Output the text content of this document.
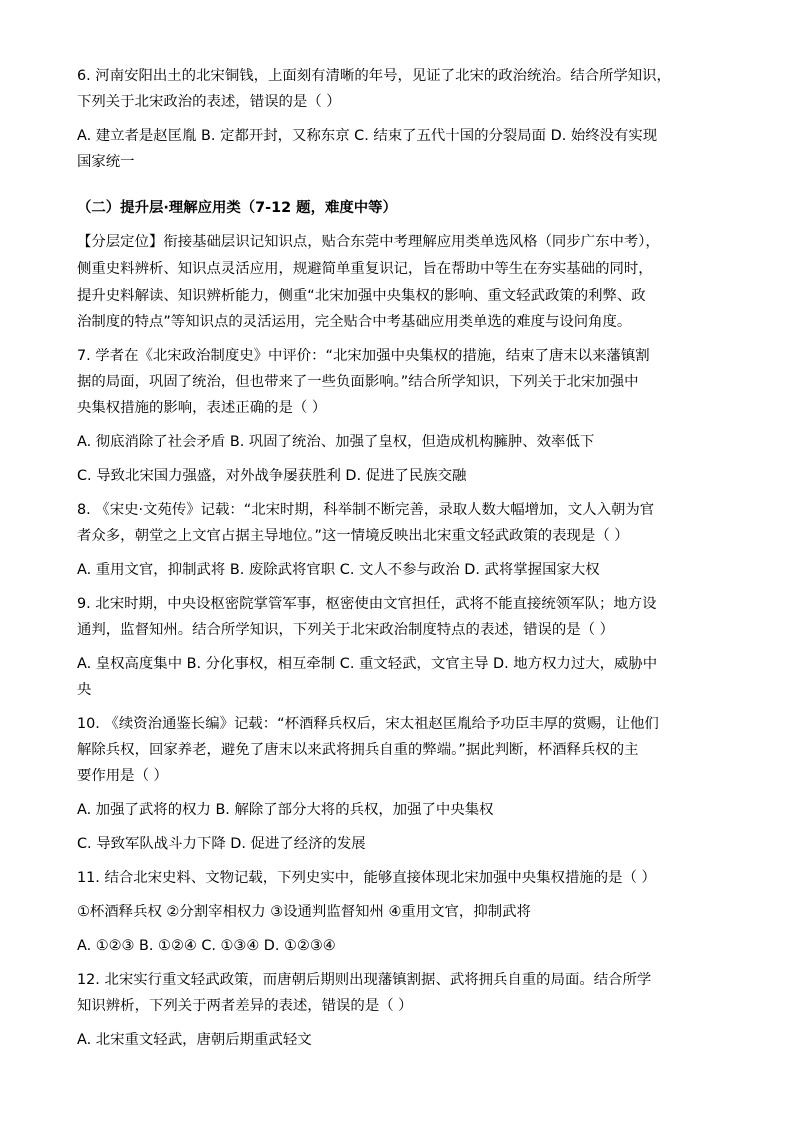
6. 河南安阳出土的北宋铜钱，上面刻有清晰的年号，见证了北宋的政治统治。结合所学知识，
下列关于北宋政治的表述，错误的是（ ）
A. 建立者是赵匡胤 B. 定都开封，又称东京 C. 结束了五代十国的分裂局面 D. 始终没有实现
国家统一
（二）提升层·理解应用类（7-12 题，难度中等）
【分层定位】衔接基础层识记知识点，贴合东莞中考理解应用类单选风格（同步广东中考），
侧重史料辨析、知识点灵活应用，规避简单重复识记，旨在帮助中等生在夯实基础的同时，
提升史料解读、知识辨析能力，侧重“北宋加强中央集权的影响、重文轻武政策的利弊、政
治制度的特点”等知识点的灵活运用，完全贴合中考基础应用类单选的难度与设问角度。
7. 学者在《北宋政治制度史》中评价：“北宋加强中央集权的措施，结束了唐末以来藩镇割
据的局面，巩固了统治，但也带来了一些负面影响。”结合所学知识，下列关于北宋加强中
央集权措施的影响，表述正确的是（ ）
A. 彻底消除了社会矛盾 B. 巩固了统治、加强了皇权，但造成机构臃肿、效率低下
C. 导致北宋国力强盛，对外战争屡获胜利 D. 促进了民族交融
8. 《宋史·文苑传》记载：“北宋时期，科举制不断完善，录取人数大幅增加，文人入朝为官
者众多，朝堂之上文官占据主导地位。”这一情境反映出北宋重文轻武政策的表现是（ ）
A. 重用文官，抑制武将 B. 废除武将官职 C. 文人不参与政治 D. 武将掌握国家大权
9. 北宋时期，中央设枢密院掌管军事，枢密使由文官担任，武将不能直接统领军队；地方设
通判，监督知州。结合所学知识，下列关于北宋政治制度特点的表述，错误的是（ ）
A. 皇权高度集中 B. 分化事权，相互牵制 C. 重文轻武，文官主导 D. 地方权力过大，威胁中
央
10. 《续资治通鉴长编》记载：“杯酒释兵权后，宋太祖赵匡胤给予功臣丰厚的赏赐，让他们
解除兵权，回家养老，避免了唐末以来武将拥兵自重的弊端。”据此判断，杯酒释兵权的主
要作用是（ ）
A. 加强了武将的权力 B. 解除了部分大将的兵权，加强了中央集权
C. 导致军队战斗力下降 D. 促进了经济的发展
11. 结合北宋史料、文物记载，下列史实中，能够直接体现北宋加强中央集权措施的是（ ）
①杯酒释兵权 ②分割宰相权力 ③设通判监督知州 ④重用文官，抑制武将
A. ①②③ B. ①②④ C. ①③④ D. ①②③④
12. 北宋实行重文轻武政策，而唐朝后期则出现藩镇割据、武将拥兵自重的局面。结合所学
知识辨析，下列关于两者差异的表述，错误的是（ ）
A. 北宋重文轻武，唐朝后期重武轻文
